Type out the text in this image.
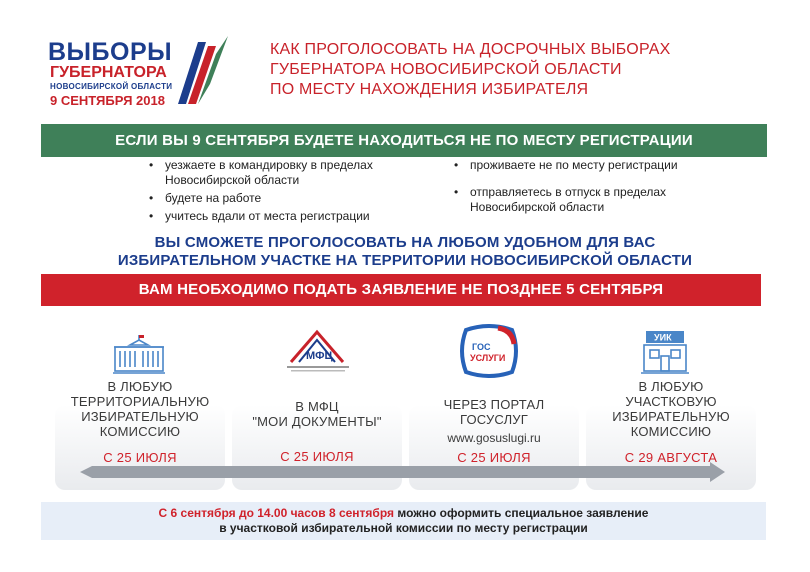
ВЫБОРЫ
ГУБЕРНАТОРА
НОВОСИБИРСКОЙ ОБЛАСТИ
9 СЕНТЯБРЯ 2018
КАК ПРОГОЛОСОВАТЬ НА ДОСРОЧНЫХ ВЫБОРАХ
ГУБЕРНАТОРА НОВОСИБИРСКОЙ ОБЛАСТИ
ПО МЕСТУ НАХОЖДЕНИЯ ИЗБИРАТЕЛЯ
ЕСЛИ ВЫ 9 СЕНТЯБРЯ БУДЕТЕ НАХОДИТЬСЯ НЕ ПО МЕСТУ РЕГИСТРАЦИИ
• уезжаете в командировку в пределах Новосибирской области
• будете на работе
• учитесь вдали от места регистрации
• проживаете не по месту регистрации
• отправляетесь в отпуск в пределах Новосибирской области
ВЫ СМОЖЕТЕ ПРОГОЛОСОВАТЬ НА ЛЮБОМ УДОБНОМ ДЛЯ ВАС
ИЗБИРАТЕЛЬНОМ УЧАСТКЕ НА ТЕРРИТОРИИ НОВОСИБИРСКОЙ ОБЛАСТИ
ВАМ НЕОБХОДИМО ПОДАТЬ ЗАЯВЛЕНИЕ НЕ ПОЗДНЕЕ 5 СЕНТЯБРЯ
МФЦ
ГОС
УСЛУГИ
УИК
В ЛЮБУЮ
ТЕРРИТОРИАЛЬНУЮ
ИЗБИРАТЕЛЬНУЮ
КОМИССИЮ
С 25 ИЮЛЯ
В МФЦ
"МОИ ДОКУМЕНТЫ"
С 25 ИЮЛЯ
ЧЕРЕЗ ПОРТАЛ
ГОСУСЛУГ
www.gosuslugi.ru
С 25 ИЮЛЯ
В ЛЮБУЮ
УЧАСТКОВУЮ
ИЗБИРАТЕЛЬНУЮ
КОМИССИЮ
С 29 АВГУСТА
С 6 сентября до 14.00 часов 8 сентября можно оформить специальное заявление
в участковой избирательной комиссии по месту регистрации
